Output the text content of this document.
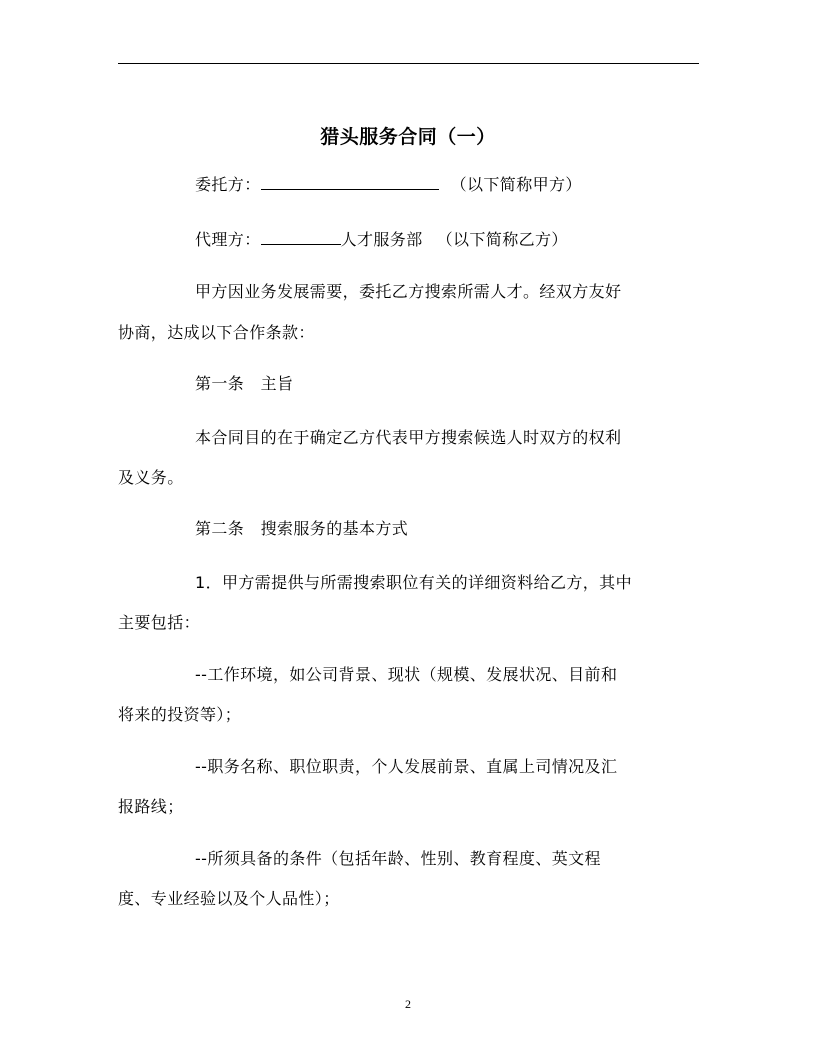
猎头服务合同（一）
委托方：	（以下简称甲方）
代理方：	人才服务部 （以下简称乙方）
甲方因业务发展需要，委托乙方搜索所需人才。经双方友好
协商，达成以下合作条款：
第一条　主旨
本合同目的在于确定乙方代表甲方搜索候选人时双方的权利
及义务。
第二条　搜索服务的基本方式
1．甲方需提供与所需搜索职位有关的详细资料给乙方，其中
主要包括：
--工作环境，如公司背景、现状（规模、发展状况、目前和
将来的投资等）；
--职务名称、职位职责，个人发展前景、直属上司情况及汇
报路线；
--所须具备的条件（包括年龄、性别、教育程度、英文程
度、专业经验以及个人品性）；
2
